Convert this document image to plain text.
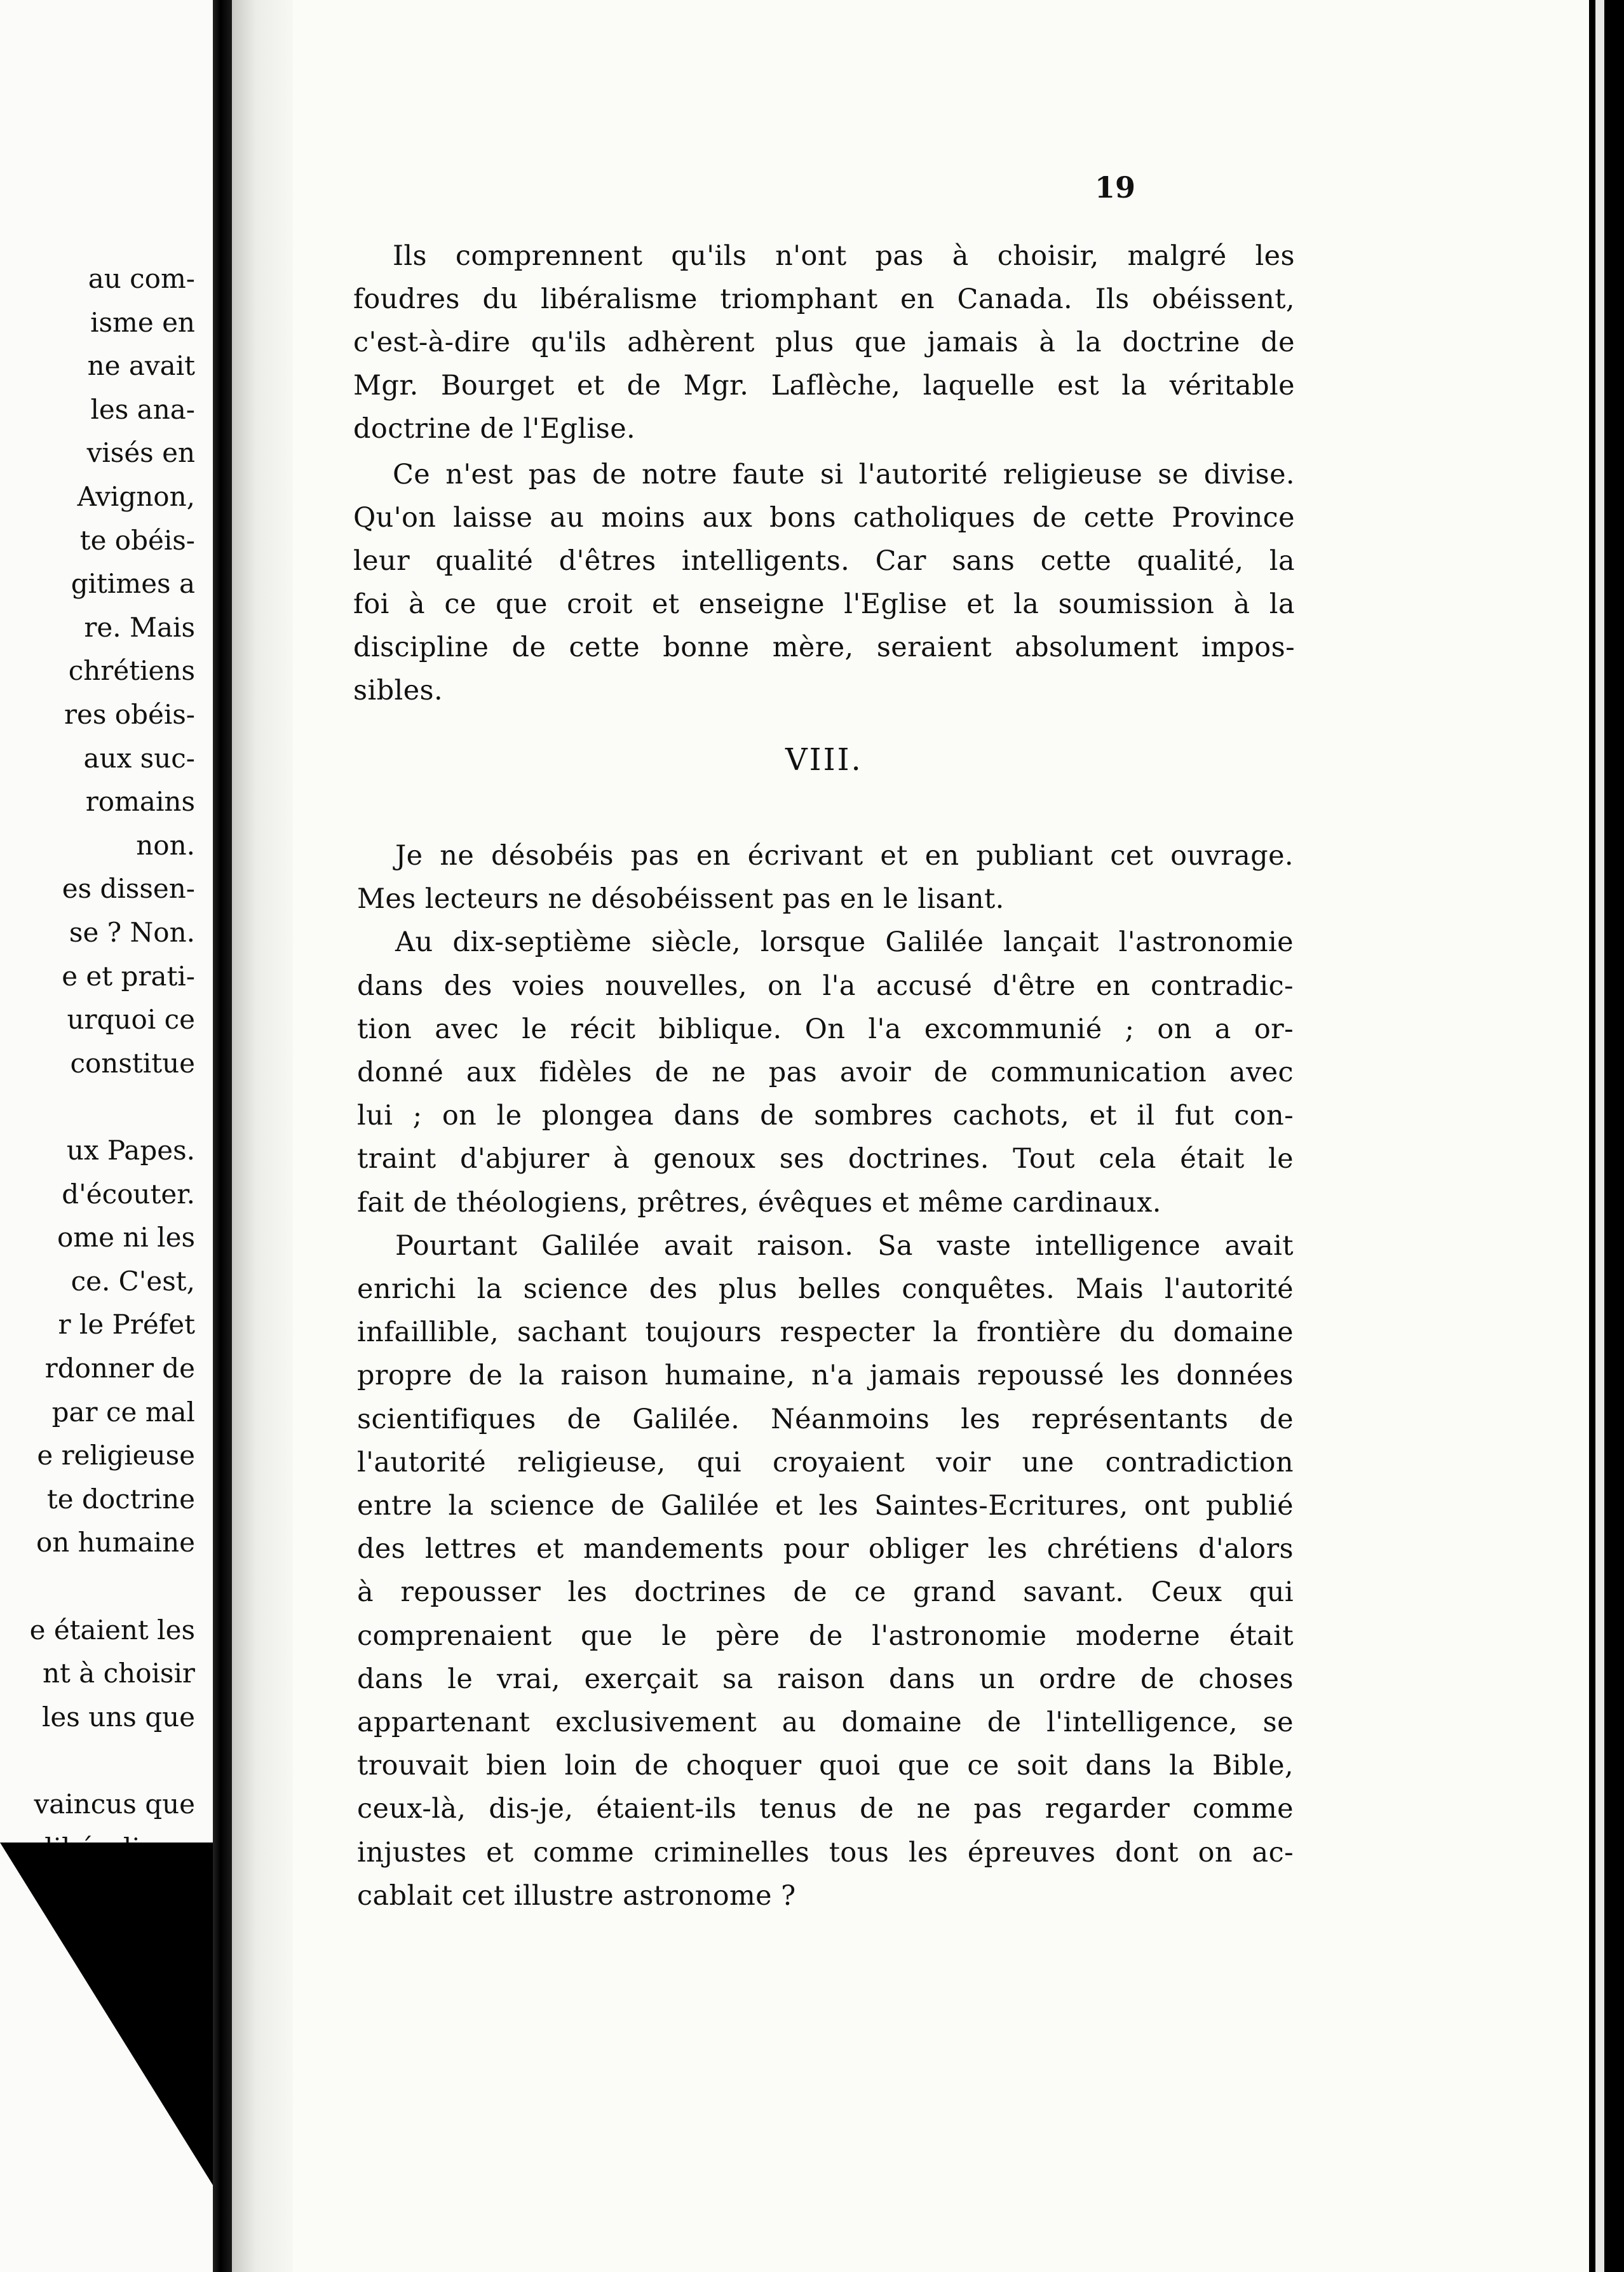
au com-
isme en
ne avait
les ana-
visés en
Avignon,
te obéis-
gitimes a
re. Mais
chrétiens
res obéis-
aux suc-
romains
non.
es dissen-
se ? Non.
e et prati-
urquoi ce
constitue
ux Papes.
d'écouter.
ome ni les
ce. C'est,
r le Préfet
rdonner de
par ce mal
e religieuse
te doctrine
on humaine
e étaient les
nt à choisir
les uns que
vaincus que
libéralisme
et ils savent
19
VIII.
Ils comprennent qu'ils n'ont pas à choisir, malgré les
foudres du libéralisme triomphant en Canada. Ils obéissent,
c'est-à-dire qu'ils adhèrent plus que jamais à la doctrine de
Mgr. Bourget et de Mgr. Laflèche, laquelle est la véritable
doctrine de l'Eglise.
Ce n'est pas de notre faute si l'autorité religieuse se divise.
Qu'on laisse au moins aux bons catholiques de cette Province
leur qualité d'êtres intelligents. Car sans cette qualité, la
foi à ce que croit et enseigne l'Eglise et la soumission à la
discipline de cette bonne mère, seraient absolument impos-
sibles.
Je ne désobéis pas en écrivant et en publiant cet ouvrage.
Mes lecteurs ne désobéissent pas en le lisant.
Au dix-septième siècle, lorsque Galilée lançait l'astronomie
dans des voies nouvelles, on l'a accusé d'être en contradic-
tion avec le récit biblique. On l'a excommunié ; on a or-
donné aux fidèles de ne pas avoir de communication avec
lui ; on le plongea dans de sombres cachots, et il fut con-
traint d'abjurer à genoux ses doctrines. Tout cela était le
fait de théologiens, prêtres, évêques et même cardinaux.
Pourtant Galilée avait raison. Sa vaste intelligence avait
enrichi la science des plus belles conquêtes. Mais l'autorité
infaillible, sachant toujours respecter la frontière du domaine
propre de la raison humaine, n'a jamais repoussé les données
scientifiques de Galilée. Néanmoins les représentants de
l'autorité religieuse, qui croyaient voir une contradiction
entre la science de Galilée et les Saintes-Ecritures, ont publié
des lettres et mandements pour obliger les chrétiens d'alors
à repousser les doctrines de ce grand savant. Ceux qui
comprenaient que le père de l'astronomie moderne était
dans le vrai, exerçait sa raison dans un ordre de choses
appartenant exclusivement au domaine de l'intelligence, se
trouvait bien loin de choquer quoi que ce soit dans la Bible,
ceux-là, dis-je, étaient-ils tenus de ne pas regarder comme
injustes et comme criminelles tous les épreuves dont on ac-
cablait cet illustre astronome ?
